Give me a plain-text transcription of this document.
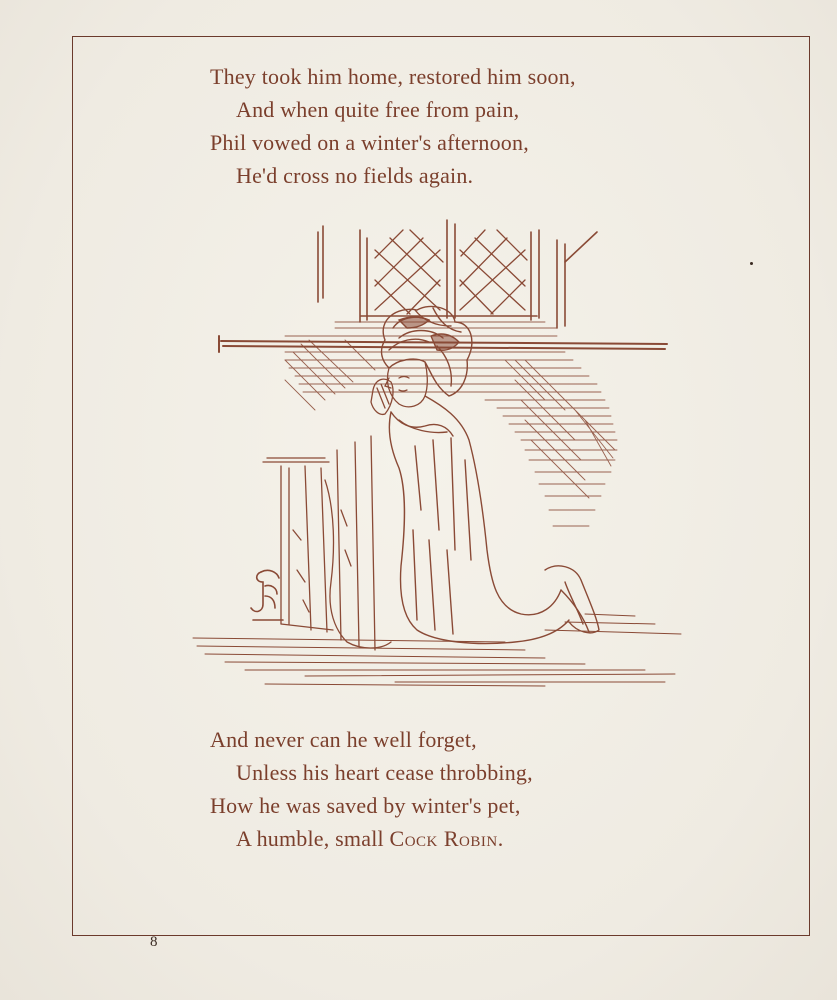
They took him home, restored him soon,
And when quite free from pain,
Phil vowed on a winter's afternoon,
He'd cross no fields again.
And never can he well forget,
Unless his heart cease throbbing,
How he was saved by winter's pet,
A humble, small Cock Robin.
8
